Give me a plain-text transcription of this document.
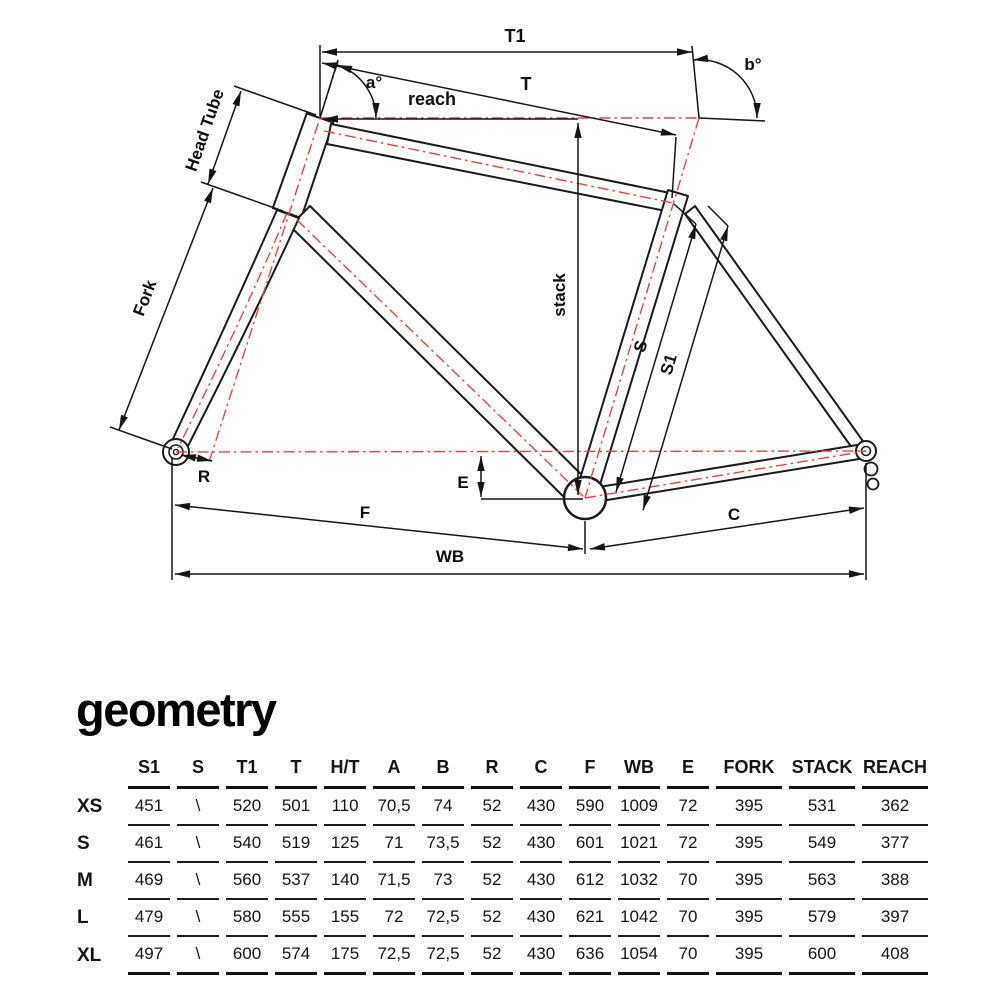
T1
T
reach
a°
b°
Head Tube
Fork	stack
S
S1
R	E
F	C
WB
geometry
	S1	S	T1	T	H/T	A	B	R	C	F	WB	E	FORK	STACK	REACH
XS	451	\	520	501	110	70,5	74	52	430	590	1009	72	395	531	362
S	461	\	540	519	125	71	73,5	52	430	601	1021	72	395	549	377
M	469	\	560	537	140	71,5	73	52	430	612	1032	70	395	563	388
L	479	\	580	555	155	72	72,5	52	430	621	1042	70	395	579	397
XL	497	\	600	574	175	72,5	72,5	52	430	636	1054	70	395	600	408
